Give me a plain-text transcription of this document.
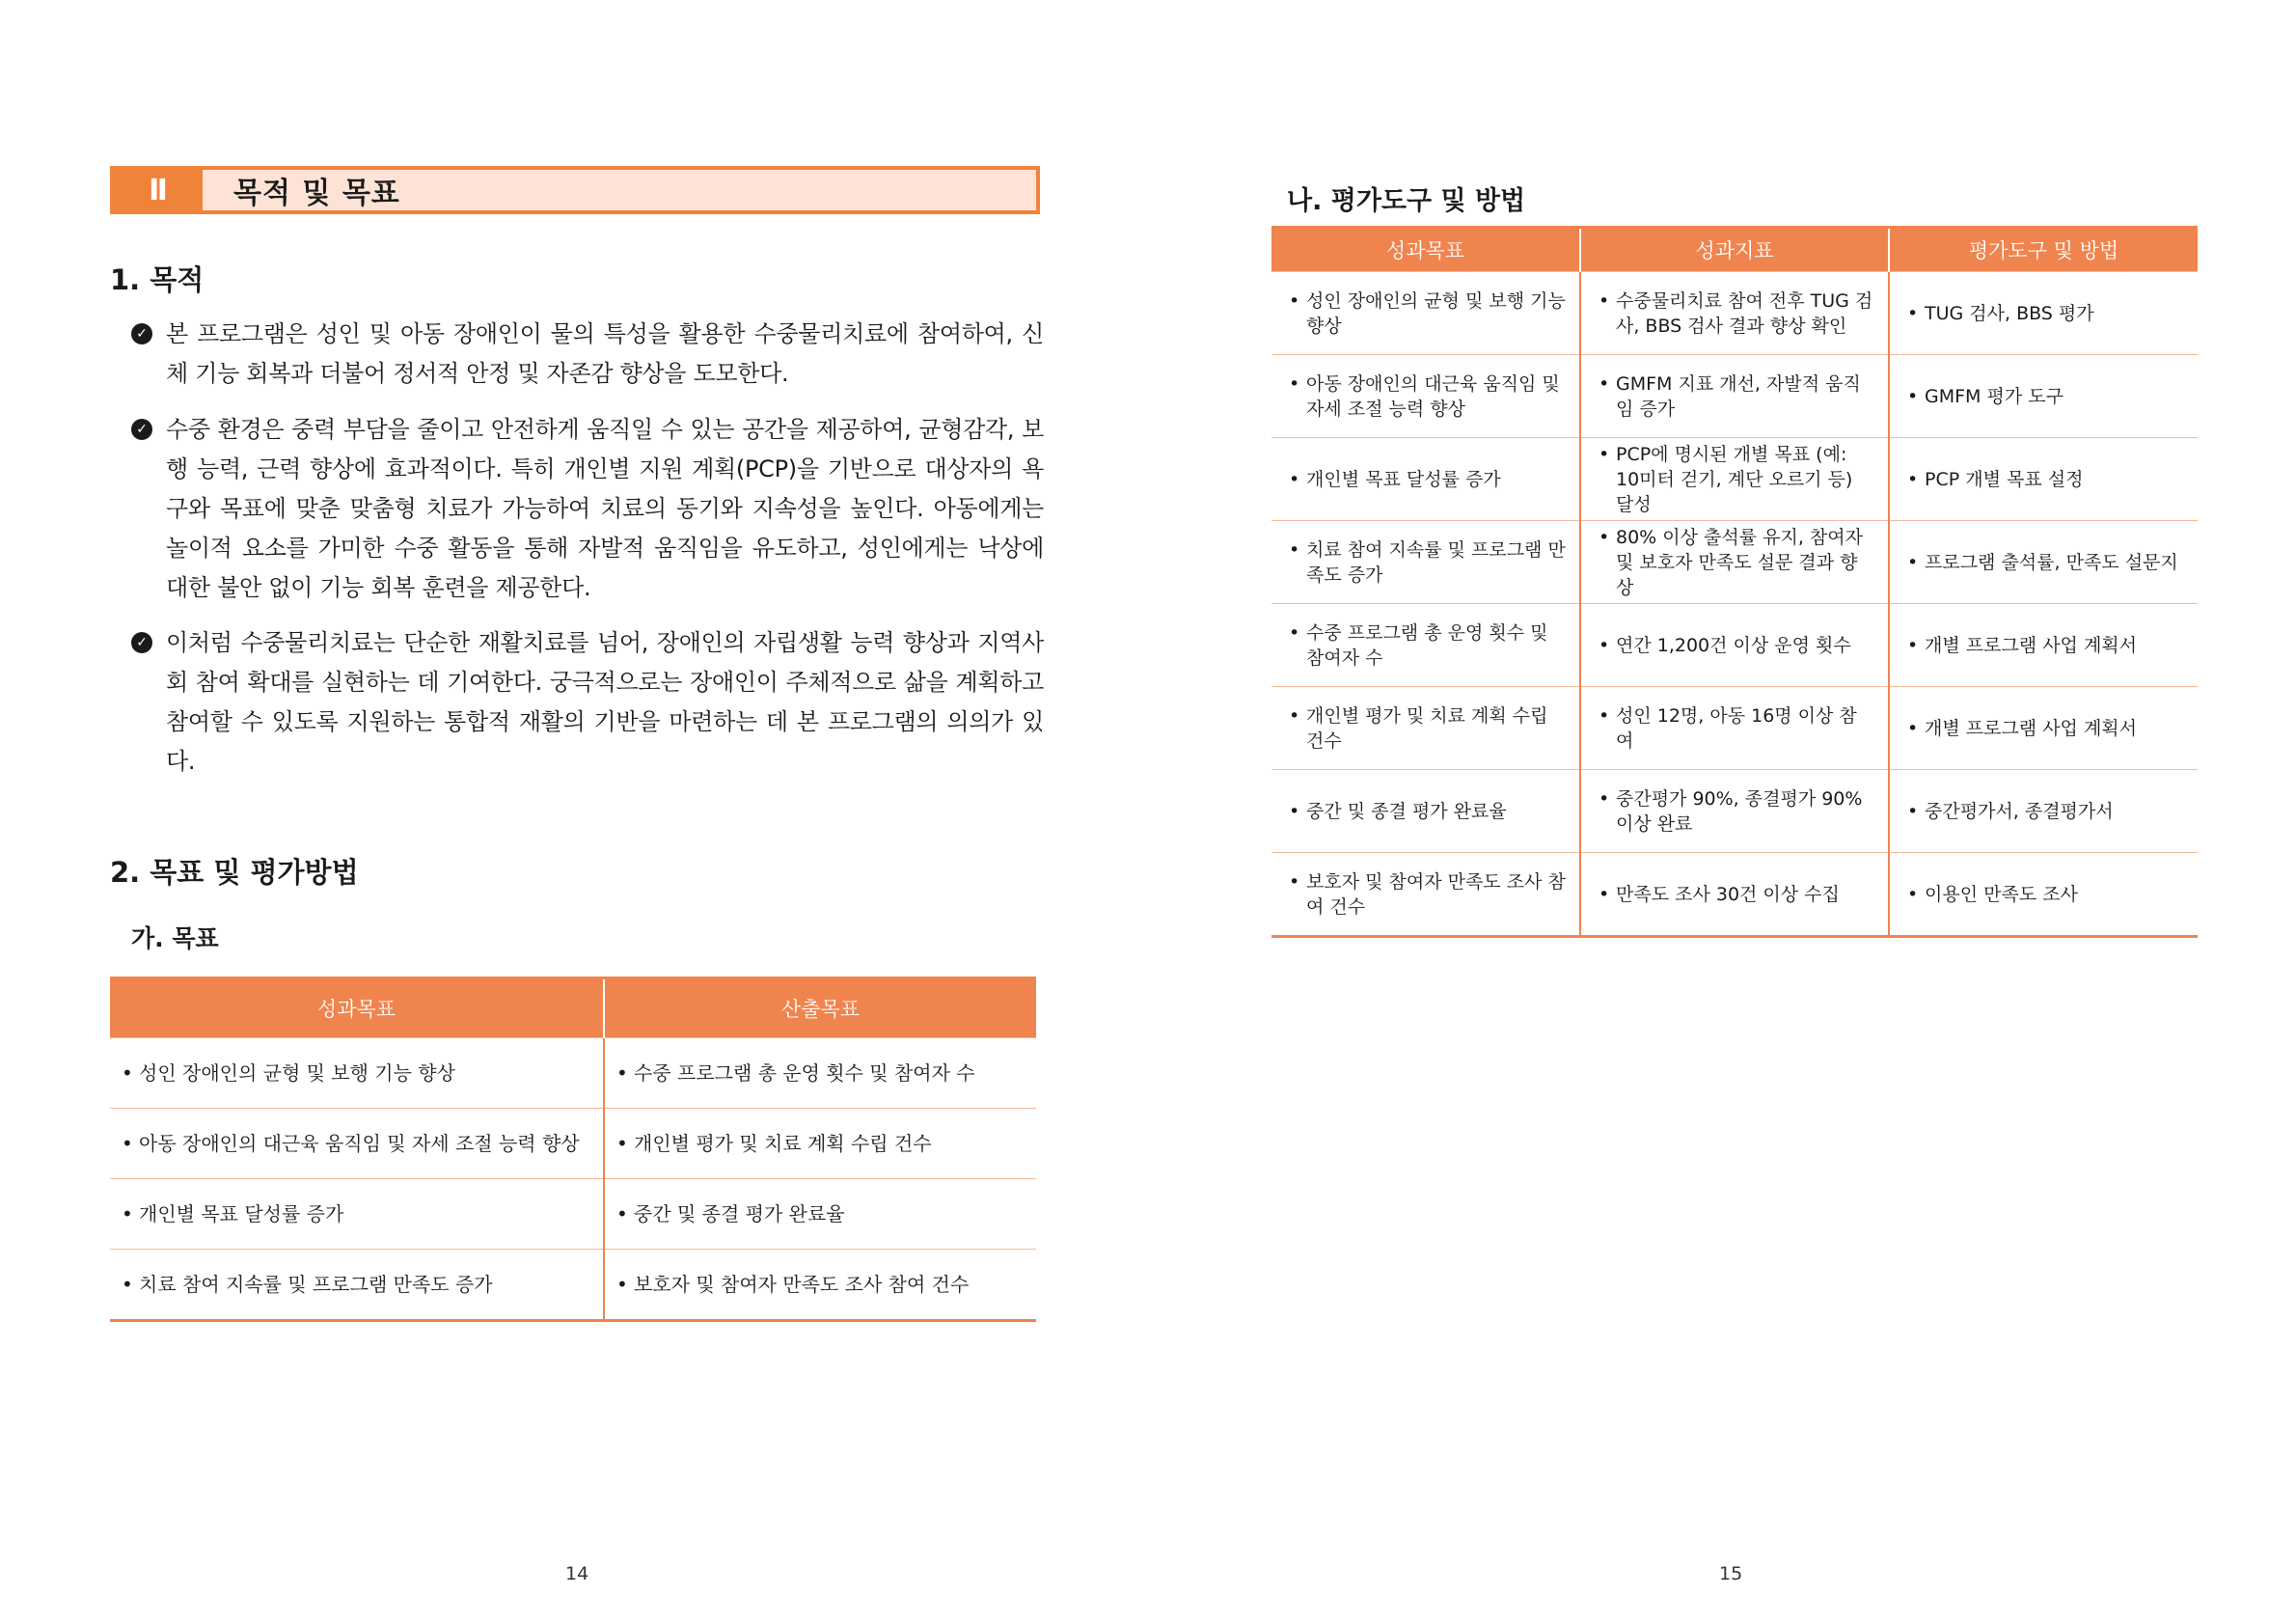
Ⅱ	목적 및 목표
1. 목적
✓ 본 프로그램은 성인 및 아동 장애인이 물의 특성을 활용한 수중물리치료에 참여하여, 신체 기능 회복과 더불어 정서적 안정 및 자존감 향상을 도모한다.
✓ 수중 환경은 중력 부담을 줄이고 안전하게 움직일 수 있는 공간을 제공하여, 균형감각, 보행 능력, 근력 향상에 효과적이다. 특히 개인별 지원 계획(PCP)을 기반으로 대상자의 욕구와 목표에 맞춘 맞춤형 치료가 가능하여 치료의 동기와 지속성을 높인다. 아동에게는 놀이적 요소를 가미한 수중 활동을 통해 자발적 움직임을 유도하고, 성인에게는 낙상에 대한 불안 없이 기능 회복 훈련을 제공한다.
✓ 이처럼 수중물리치료는 단순한 재활치료를 넘어, 장애인의 자립생활 능력 향상과 지역사회 참여 확대를 실현하는 데 기여한다. 궁극적으로는 장애인이 주체적으로 삶을 계획하고 참여할 수 있도록 지원하는 통합적 재활의 기반을 마련하는 데 본 프로그램의 의의가 있다.
2. 목표 및 평가방법
가. 목표
성과목표	산출목표

• 성인 장애인의 균형 및 보행 기능 향상	• 수중 프로그램 총 운영 횟수 및 참여자 수

• 아동 장애인의 대근육 움직임 및 자세 조절 능력 향상	• 개인별 평가 및 치료 계획 수립 건수

• 개인별 목표 달성률 증가	• 중간 및 종결 평가 완료율

• 치료 참여 지속률 및 프로그램 만족도 증가	• 보호자 및 참여자 만족도 조사 참여 건수
14
나. 평가도구 및 방법
15
성과목표	성과지표	평가도구 및 방법

• 성인 장애인의 균형 및 보행 기능 향상	• 수중물리치료 참여 전후 TUG 검사, BBS 검사 결과 향상 확인	• TUG 검사, BBS 평가

• 아동 장애인의 대근육 움직임 및 자세 조절 능력 향상	• GMFM 지표 개선, 자발적 움직임 증가	• GMFM 평가 도구

• 개인별 목표 달성률 증가	• PCP에 명시된 개별 목표 (예: 10미터 걷기, 계단 오르기 등) 달성	• PCP 개별 목표 설정

• 치료 참여 지속률 및 프로그램 만족도 증가	• 80% 이상 출석률 유지, 참여자 및 보호자 만족도 설문 결과 향상	• 프로그램 출석률, 만족도 설문지

• 수중 프로그램 총 운영 횟수 및 참여자 수	• 연간 1,200건 이상 운영 횟수	• 개별 프로그램 사업 계획서

• 개인별 평가 및 치료 계획 수립 건수	• 성인 12명, 아동 16명 이상 참여	• 개별 프로그램 사업 계획서

• 중간 및 종결 평가 완료율	• 중간평가 90%, 종결평가 90% 이상 완료	• 중간평가서, 종결평가서

• 보호자 및 참여자 만족도 조사 참여 건수	• 만족도 조사 30건 이상 수집	• 이용인 만족도 조사
